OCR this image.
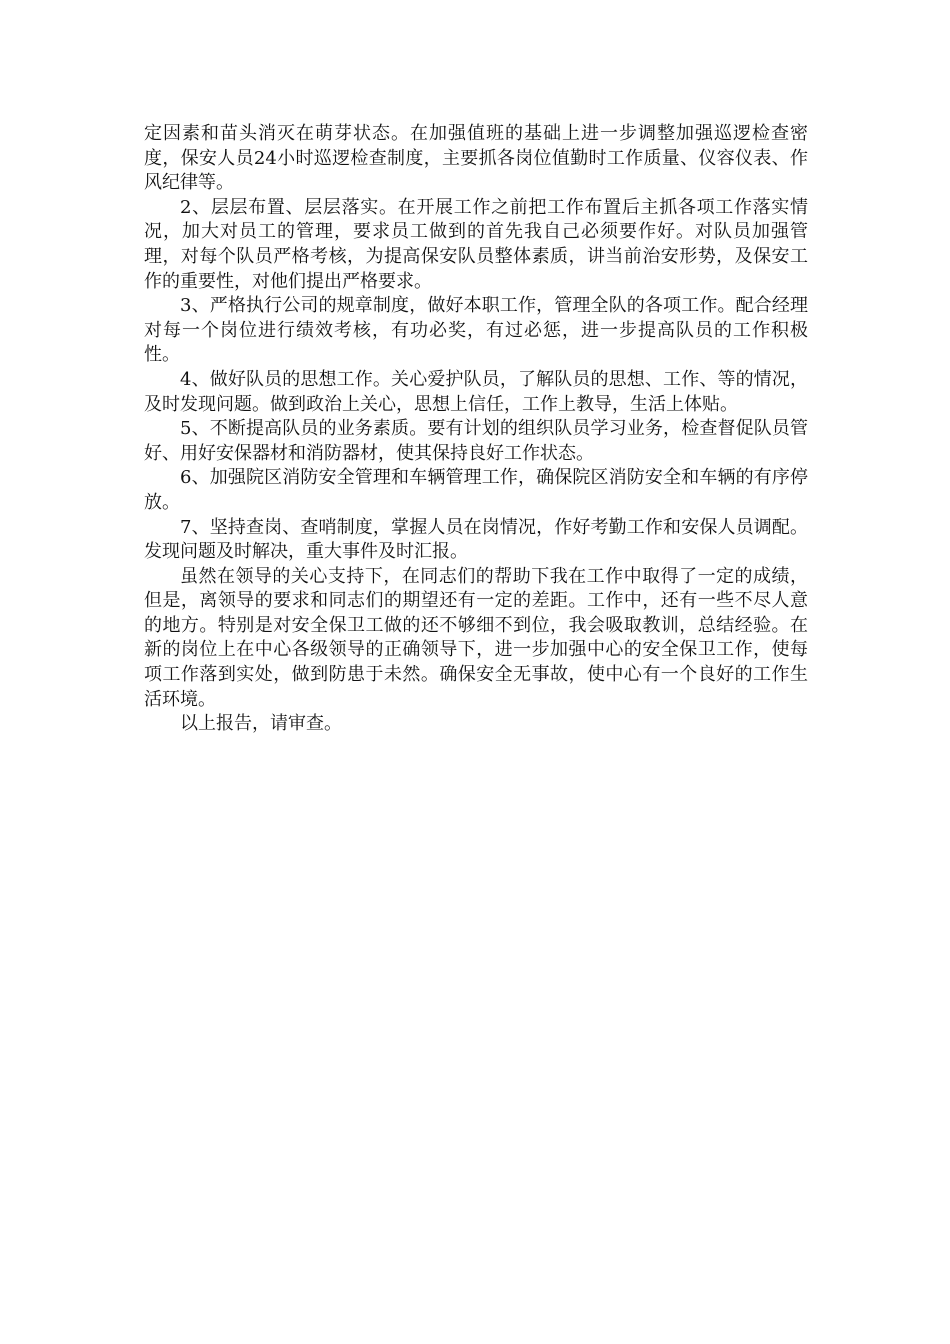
定因素和苗头消灭在萌芽状态。在加强值班的基础上进一步调整加强巡逻检查密度，保安人员24小时巡逻检查制度，主要抓各岗位值勤时工作质量、仪容仪表、作风纪律等。

2、层层布置、层层落实。在开展工作之前把工作布置后主抓各项工作落实情况，加大对员工的管理，要求员工做到的首先我自己必须要作好。对队员加强管理，对每个队员严格考核，为提高保安队员整体素质，讲当前治安形势，及保安工作的重要性，对他们提出严格要求。

3、严格执行公司的规章制度，做好本职工作，管理全队的各项工作。配合经理对每一个岗位进行绩效考核，有功必奖，有过必惩，进一步提高队员的工作积极性。

4、做好队员的思想工作。关心爱护队员，了解队员的思想、工作、等的情况，及时发现问题。做到政治上关心，思想上信任，工作上教导，生活上体贴。

5、不断提高队员的业务素质。要有计划的组织队员学习业务，检查督促队员管好、用好安保器材和消防器材，使其保持良好工作状态。

6、加强院区消防安全管理和车辆管理工作，确保院区消防安全和车辆的有序停放。

7、坚持查岗、查哨制度，掌握人员在岗情况，作好考勤工作和安保人员调配。发现问题及时解决，重大事件及时汇报。

虽然在领导的关心支持下，在同志们的帮助下我在工作中取得了一定的成绩，但是，离领导的要求和同志们的期望还有一定的差距。工作中，还有一些不尽人意的地方。特别是对安全保卫工做的还不够细不到位，我会吸取教训，总结经验。在新的岗位上在中心各级领导的正确领导下，进一步加强中心的安全保卫工作，使每项工作落到实处，做到防患于未然。确保安全无事故，使中心有一个良好的工作生活环境。

以上报告，请审查。
